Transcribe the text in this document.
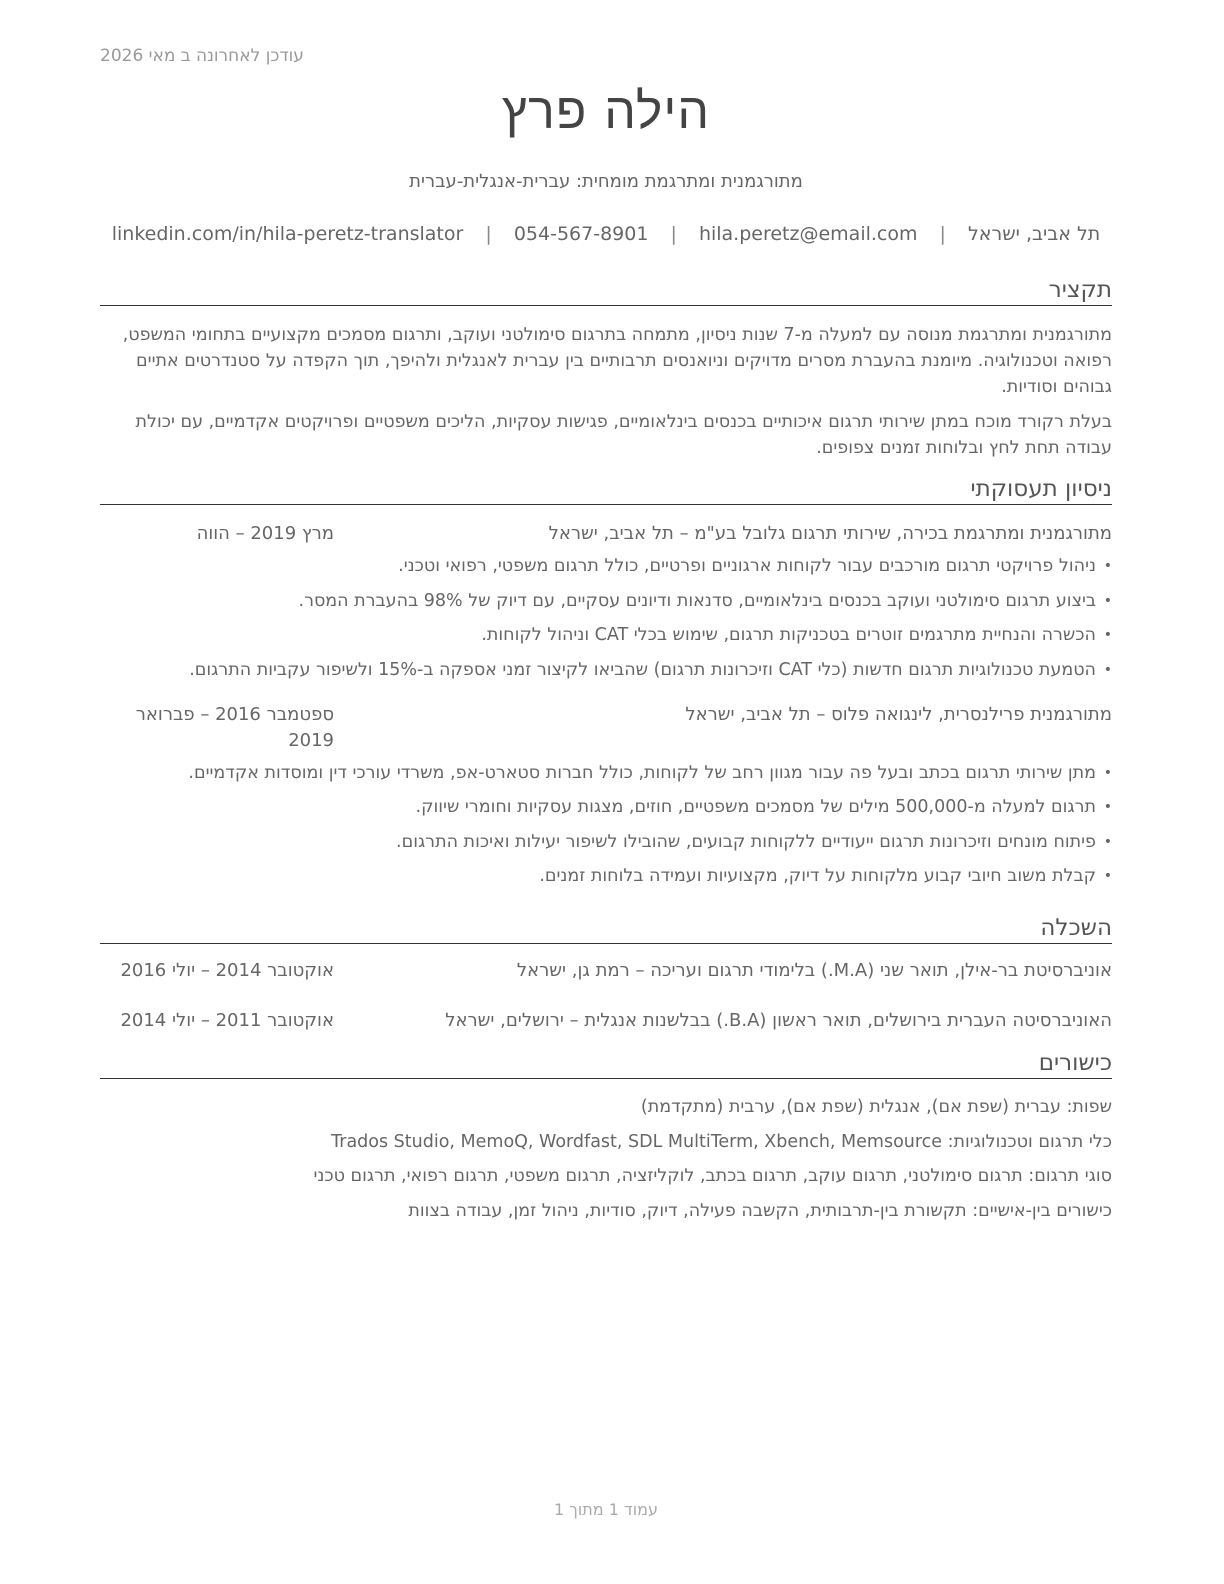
עודכן לאחרונה ב מאי 2026
הילה פרץ
מתורגמנית ומתרגמת מומחית: עברית-אנגלית-עברית
תל אביב, ישראל | hila.peretz@email.com | 054-567-8901 | linkedin.com/in/hila-peretz-translator
תקציר

מתורגמנית ומתרגמת מנוסה עם למעלה מ-7 שנות ניסיון, מתמחה בתרגום סימולטני ועוקב, ותרגום מסמכים מקצועיים בתחומי המשפט, רפואה וטכנולוגיה. מיומנת בהעברת מסרים מדויקים וניואנסים תרבותיים בין עברית לאנגלית ולהיפך, תוך הקפדה על סטנדרטים אתיים גבוהים וסודיות.

בעלת רקורד מוכח במתן שירותי תרגום איכותיים בכנסים בינלאומיים, פגישות עסקיות, הליכים משפטיים ופרויקטים אקדמיים, עם יכולת עבודה תחת לחץ ובלוחות זמנים צפופים.

ניסיון תעסוקתי
מתורגמנית ומתרגמת בכירה, שירותי תרגום גלובל בע"מ – תל אביב, ישראל
מרץ 2019 – הווה
• ניהול פרויקטי תרגום מורכבים עבור לקוחות ארגוניים ופרטיים, כולל תרגום משפטי, רפואי וטכני.
• ביצוע תרגום סימולטני ועוקב בכנסים בינלאומיים, סדנאות ודיונים עסקיים, עם דיוק של 98% בהעברת המסר.
• הכשרה והנחיית מתרגמים זוטרים בטכניקות תרגום, שימוש בכלי CAT וניהול לקוחות.
• הטמעת טכנולוגיות תרגום חדשות (כלי CAT וזיכרונות תרגום) שהביאו לקיצור זמני אספקה ב-15% ולשיפור עקביות התרגום.
מתורגמנית פרילנסרית, לינגואה פלוס – תל אביב, ישראל
ספטמבר 2016 – פברואר 2019
• מתן שירותי תרגום בכתב ובעל פה עבור מגוון רחב של לקוחות, כולל חברות סטארט-אפ, משרדי עורכי דין ומוסדות אקדמיים.
• תרגום למעלה מ-500,000 מילים של מסמכים משפטיים, חוזים, מצגות עסקיות וחומרי שיווק.
• פיתוח מונחים וזיכרונות תרגום ייעודיים ללקוחות קבועים, שהובילו לשיפור יעילות ואיכות התרגום.
• קבלת משוב חיובי קבוע מלקוחות על דיוק, מקצועיות ועמידה בלוחות זמנים.
השכלה
אוניברסיטת בר-אילן, תואר שני (M.A.) בלימודי תרגום ועריכה – רמת גן, ישראל
אוקטובר 2014 – יולי 2016
האוניברסיטה העברית בירושלים, תואר ראשון (B.A.) בבלשנות אנגלית – ירושלים, ישראל
אוקטובר 2011 – יולי 2014
כישורים
שפות: עברית (שפת אם), אנגלית (שפת אם), ערבית (מתקדמת)
כלי תרגום וטכנולוגיות: Trados Studio, MemoQ, Wordfast, SDL MultiTerm, Xbench, Memsource
סוגי תרגום: תרגום סימולטני, תרגום עוקב, תרגום בכתב, לוקליזציה, תרגום משפטי, תרגום רפואי, תרגום טכני
כישורים בין-אישיים: תקשורת בין-תרבותית, הקשבה פעילה, דיוק, סודיות, ניהול זמן, עבודה בצוות
עמוד 1 מתוך 1
